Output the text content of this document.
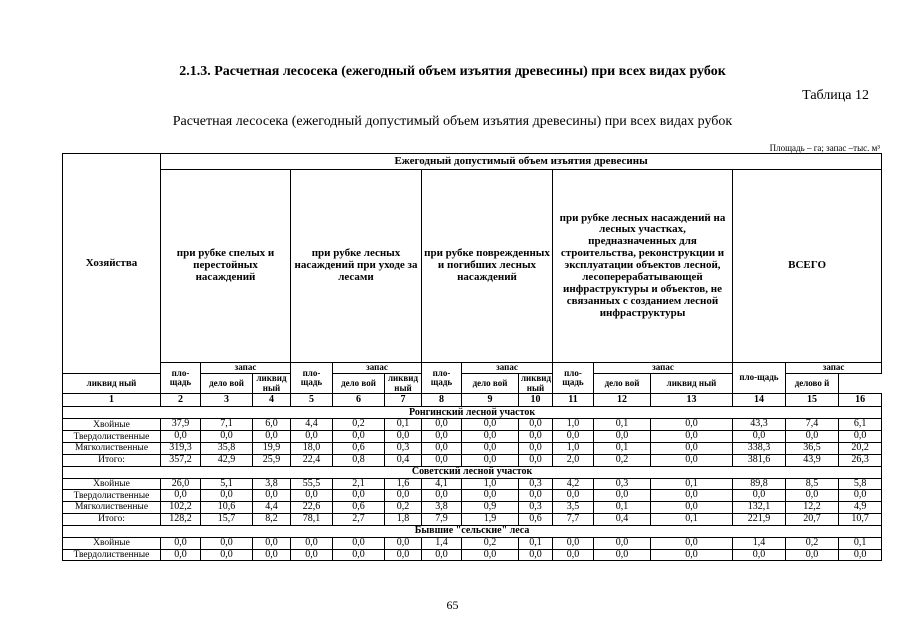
2.1.3. Расчетная лесосека (ежегодный объем изъятия древесины) при всех видах рубок
Таблица 12
Расчетная лесосека (ежегодный допустимый объем изъятия древесины) при всех видах рубок
Площадь – га; запас –тыс. м³
Хозяйства	Ежегодный допустимый объем изъятия древесины														
	при рубке спелых и перестойных насаждений			при рубке лесных насаждений при уходе за лесами			при рубке поврежденных и погибших лесных насаждений			при рубке лесных насаждений на лесных участках, предназначенных для строительства, реконструкции и эксплуатации объектов лесной, лесоперерабатывающей инфраструктуры и объектов, не связанных с созданием лесной инфраструктуры			ВСЕГО		
	пло-щадь	запас		пло-щадь	запас		пло-щадь	запас		пло-щадь	запас		пло-щадь	запас	
ликвид ный		дело вой	ликвид ный		дело вой	ликвид ный		дело вой	ликвид ный		дело вой	ликвид ный		делово й	
1	2	3	4	5	6	7	8	9	10	11	12	13	14	15	16
Ронгинский лесной участок															
Хвойные	37,9	7,1	6,0	4,4	0,2	0,1	0,0	0,0	0,0	1,0	0,1	0,0	43,3	7,4	6,1
Твердолиственные	0,0	0,0	0,0	0,0	0,0	0,0	0,0	0,0	0,0	0,0	0,0	0,0	0,0	0,0	0,0
Мягколиственные	319,3	35,8	19,9	18,0	0,6	0,3	0,0	0,0	0,0	1,0	0,1	0,0	338,3	36,5	20,2
Итого:	357,2	42,9	25,9	22,4	0,8	0,4	0,0	0,0	0,0	2,0	0,2	0,0	381,6	43,9	26,3
Советский лесной участок															
Хвойные	26,0	5,1	3,8	55,5	2,1	1,6	4,1	1,0	0,3	4,2	0,3	0,1	89,8	8,5	5,8
Твердолиственные	0,0	0,0	0,0	0,0	0,0	0,0	0,0	0,0	0,0	0,0	0,0	0,0	0,0	0,0	0,0
Мягколиственные	102,2	10,6	4,4	22,6	0,6	0,2	3,8	0,9	0,3	3,5	0,1	0,0	132,1	12,2	4,9
Итого:	128,2	15,7	8,2	78,1	2,7	1,8	7,9	1,9	0,6	7,7	0,4	0,1	221,9	20,7	10,7
Бывшие "сельские" леса															
Хвойные	0,0	0,0	0,0	0,0	0,0	0,0	1,4	0,2	0,1	0,0	0,0	0,0	1,4	0,2	0,1
Твердолиственные	0,0	0,0	0,0	0,0	0,0	0,0	0,0	0,0	0,0	0,0	0,0	0,0	0,0	0,0	0,0
65
